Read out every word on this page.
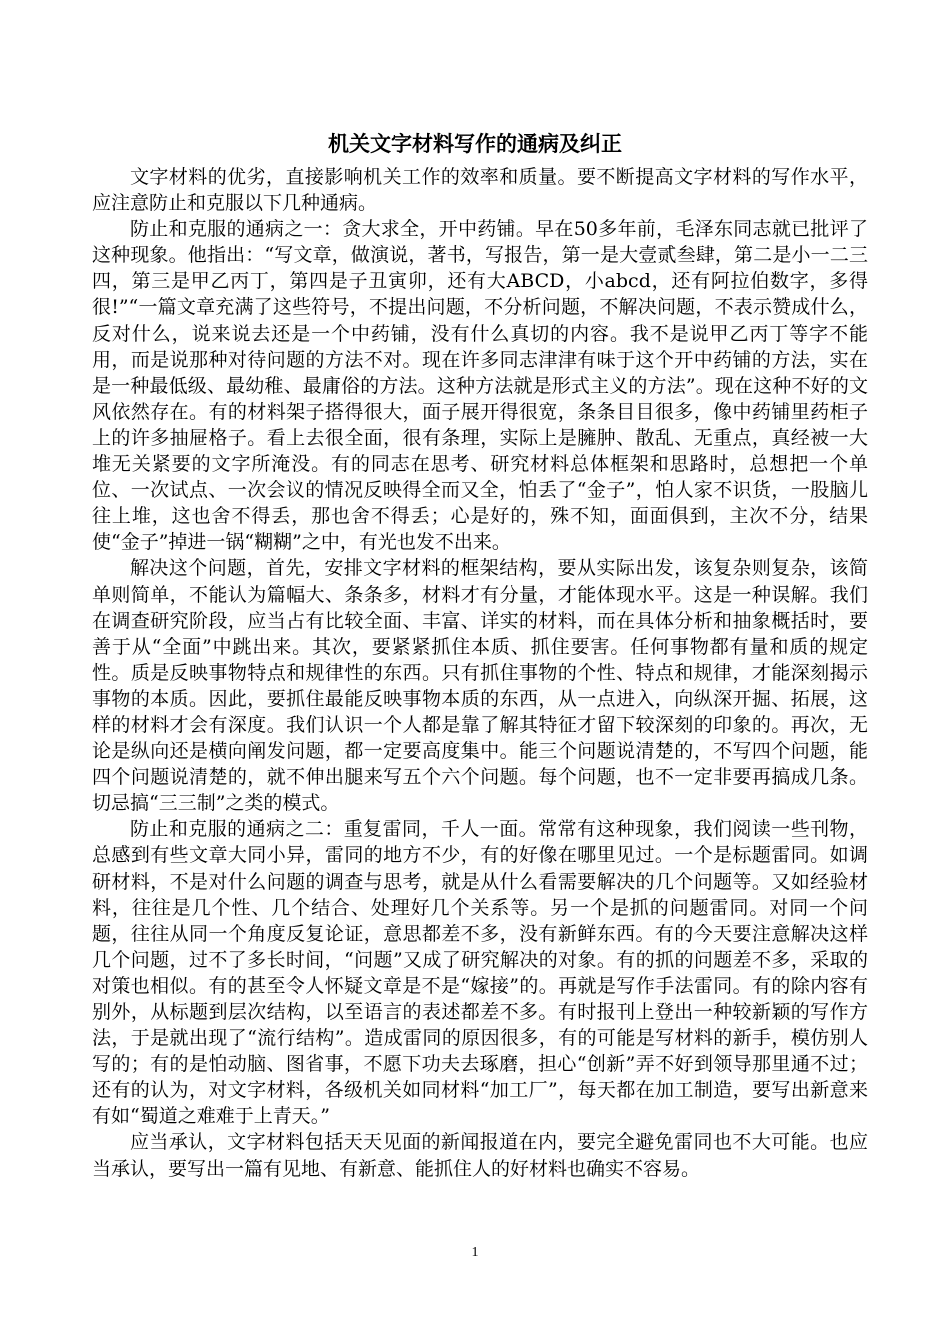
机关文字材料写作的通病及纠正

文字材料的优劣，直接影响机关工作的效率和质量。要不断提高文字材料的写作水平，应注意防止和克服以下几种通病。

防止和克服的通病之一：贪大求全，开中药铺。早在50多年前，毛泽东同志就已批评了这种现象。他指出：“写文章，做演说，著书，写报告，第一是大壹贰叁肆，第二是小一二三四，第三是甲乙丙丁，第四是子丑寅卯，还有大ABCD，小abcd，还有阿拉伯数字，多得很!”“一篇文章充满了这些符号，不提出问题，不分析问题，不解决问题，不表示赞成什么，反对什么，说来说去还是一个中药铺，没有什么真切的内容。我不是说甲乙丙丁等字不能用，而是说那种对待问题的方法不对。现在许多同志津津有味于这个开中药铺的方法，实在是一种最低级、最幼稚、最庸俗的方法。这种方法就是形式主义的方法”。现在这种不好的文风依然存在。有的材料架子搭得很大，面子展开得很宽，条条目目很多，像中药铺里药柜子上的许多抽屉格子。看上去很全面，很有条理，实际上是臃肿、散乱、无重点，真经被一大堆无关紧要的文字所淹没。有的同志在思考、研究材料总体框架和思路时，总想把一个单位、一次试点、一次会议的情况反映得全而又全，怕丢了“金子”，怕人家不识货，一股脑儿往上堆，这也舍不得丢，那也舍不得丢；心是好的，殊不知，面面俱到，主次不分，结果使“金子”掉进一锅“糊糊”之中，有光也发不出来。

解决这个问题，首先，安排文字材料的框架结构，要从实际出发，该复杂则复杂，该简单则简单，不能认为篇幅大、条条多，材料才有分量，才能体现水平。这是一种误解。我们在调查研究阶段，应当占有比较全面、丰富、详实的材料，而在具体分析和抽象概括时，要善于从“全面”中跳出来。其次，要紧紧抓住本质、抓住要害。任何事物都有量和质的规定性。质是反映事物特点和规律性的东西。只有抓住事物的个性、特点和规律，才能深刻揭示事物的本质。因此，要抓住最能反映事物本质的东西，从一点进入，向纵深开掘、拓展，这样的材料才会有深度。我们认识一个人都是靠了解其特征才留下较深刻的印象的。再次，无论是纵向还是横向阐发问题，都一定要高度集中。能三个问题说清楚的，不写四个问题，能四个问题说清楚的，就不伸出腿来写五个六个问题。每个问题，也不一定非要再搞成几条。切忌搞“三三制”之类的模式。

防止和克服的通病之二：重复雷同，千人一面。常常有这种现象，我们阅读一些刊物，总感到有些文章大同小异，雷同的地方不少，有的好像在哪里见过。一个是标题雷同。如调研材料，不是对什么问题的调查与思考，就是从什么看需要解决的几个问题等。又如经验材料，往往是几个性、几个结合、处理好几个关系等。另一个是抓的问题雷同。对同一个问题，往往从同一个角度反复论证，意思都差不多，没有新鲜东西。有的今天要注意解决这样几个问题，过不了多长时间，“问题”又成了研究解决的对象。有的抓的问题差不多，采取的对策也相似。有的甚至令人怀疑文章是不是“嫁接”的。再就是写作手法雷同。有的除内容有别外，从标题到层次结构，以至语言的表述都差不多。有时报刊上登出一种较新颖的写作方法，于是就出现了“流行结构”。造成雷同的原因很多，有的可能是写材料的新手，模仿别人写的；有的是怕动脑、图省事，不愿下功夫去琢磨，担心“创新”弄不好到领导那里通不过；还有的认为，对文字材料，各级机关如同材料“加工厂”，每天都在加工制造，要写出新意来有如“蜀道之难难于上青天。”

应当承认，文字材料包括天天见面的新闻报道在内，要完全避免雷同也不大可能。也应当承认，要写出一篇有见地、有新意、能抓住人的好材料也确实不容易。

1
